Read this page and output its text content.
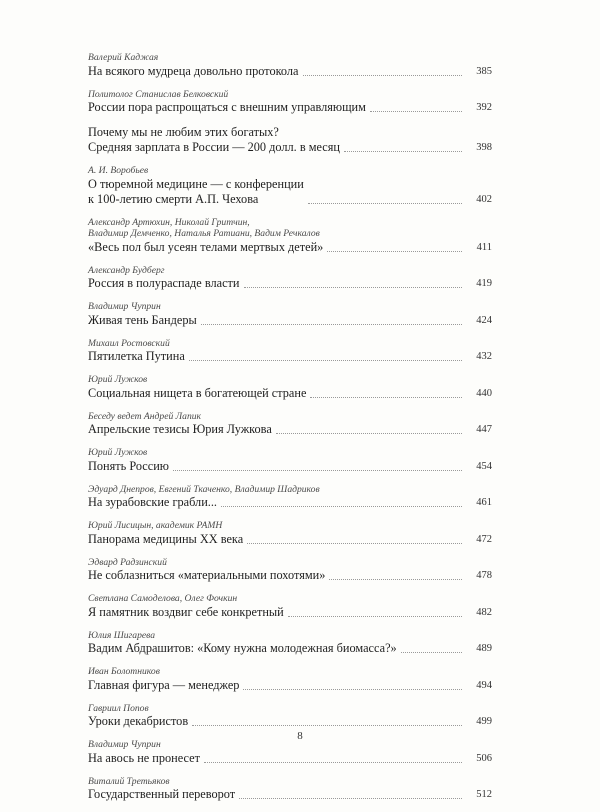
Валерий Каджая
На всякого мудреца довольно протокола	385
Политолог Станислав Белковский
России пора распрощаться с внешним управляющим	392
Почему мы не любим этих богатых?
Средняя зарплата в России — 200 долл. в месяц	398
А. И. Воробьев
О тюремной медицине — с конференции
к 100-летию смерти А.П. Чехова	402
Александр Артюхин, Николай Гритчин,
Владимир Демченко, Наталья Ратиани, Вадим Речкалов
«Весь пол был усеян телами мертвых детей»	411
Александр Будберг
Россия в полураспаде власти	419
Владимир Чуприн
Живая тень Бандеры	424
Михаил Ростовский
Пятилетка Путина	432
Юрий Лужков
Социальная нищета в богатеющей стране	440
Беседу ведет Андрей Лапик
Апрельские тезисы Юрия Лужкова	447
Юрий Лужков
Понять Россию	454
Эдуард Днепров, Евгений Ткаченко, Владимир Шадриков
На зурабовские грабли...	461
Юрий Лисицын, академик РАМН
Панорама медицины XX века	472
Эдвард Радзинский
Не соблазниться «материальными похотями»	478
Светлана Самоделова, Олег Фочкин
Я памятник воздвиг себе конкретный	482
Юлия Шигарева
Вадим Абдрашитов: «Кому нужна молодежная биомасса?»	489
Иван Болотников
Главная фигура — менеджер	494
Гавриил Попов
Уроки декабристов	499
Владимир Чуприн
На авось не пронесет	506
Виталий Третьяков
Государственный переворот	512
8
